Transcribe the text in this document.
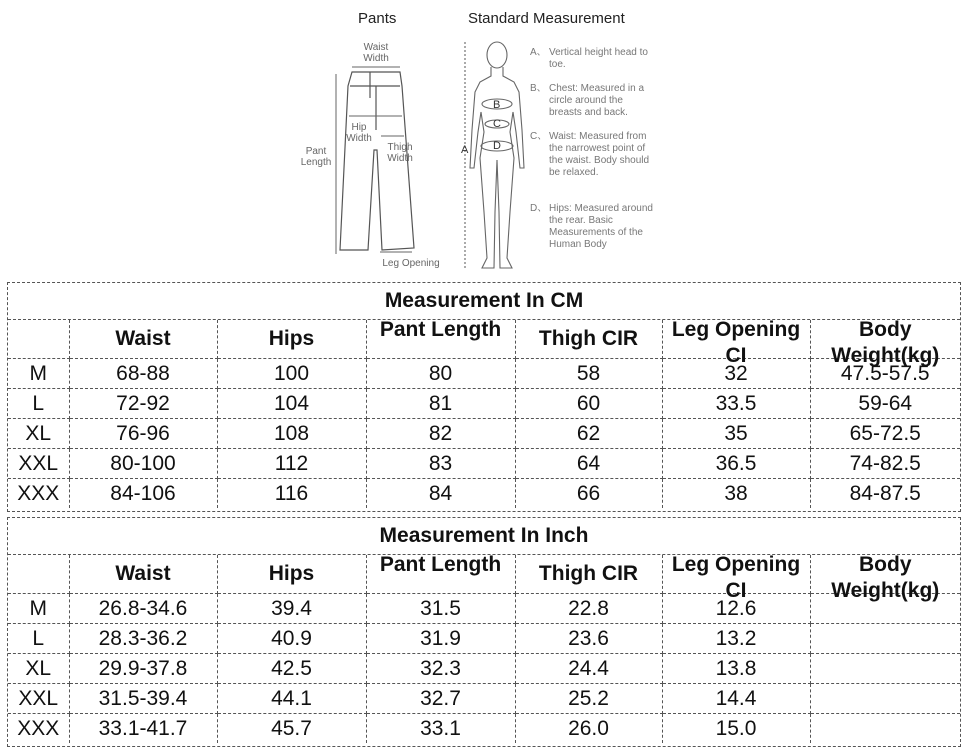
Pants	Standard Measurement
Waist
Width
Hip
Width
Thigh
Width
Pant
Length
Leg Opening
A
B
C
D
A、 Vertical height head to toe.
B、 Chest: Measured in a circle around the breasts and back.
C、 Waist: Measured from the narrowest point of the waist. Body should be relaxed.
D、 Hips: Measured around the rear. Basic Measurements of the Human Body
Measurement In CM
	Waist	Hips	Pant Length	Thigh CIR	Leg Opening CI	Body Weight(kg)

M	68-88	100	80	58	32	47.5-57.5
L	72-92	104	81	60	33.5	59-64
XL	76-96	108	82	62	35	65-72.5
XXL	80-100	112	83	64	36.5	74-82.5
XXX	84-106	116	84	66	38	84-87.5
Measurement In Inch
	Waist	Hips	Pant Length	Thigh CIR	Leg Opening CI	Body Weight(kg)

M	26.8-34.6	39.4	31.5	22.8	12.6	
L	28.3-36.2	40.9	31.9	23.6	13.2	
XL	29.9-37.8	42.5	32.3	24.4	13.8	
XXL	31.5-39.4	44.1	32.7	25.2	14.4	
XXX	33.1-41.7	45.7	33.1	26.0	15.0	
